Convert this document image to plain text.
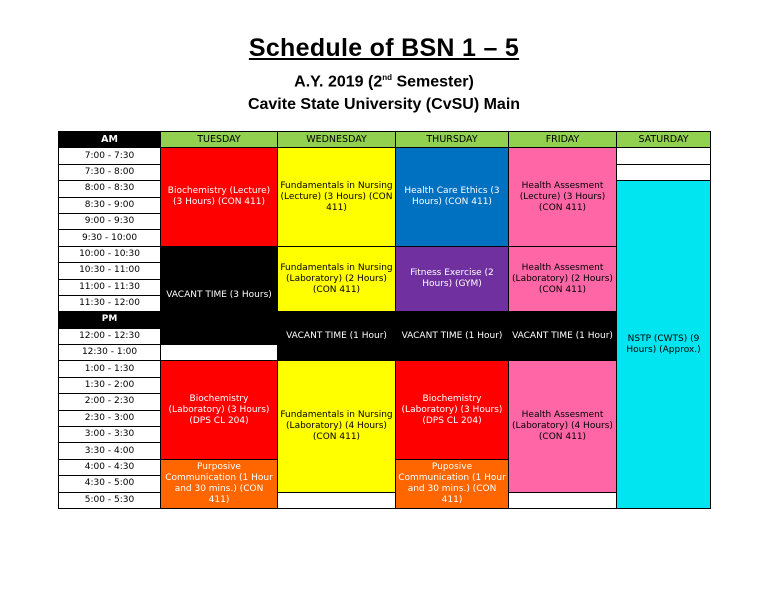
Schedule of BSN 1 – 5
A.Y. 2019 (2nd Semester)
Cavite State University (CvSU) Main
AM	TUESDAY	WEDNESDAY	THURSDAY	FRIDAY	SATURDAY	
7:00 - 7:30	Biochemistry (Lecture) (3 Hours) (CON 411)	Fundamentals in Nursing (Lecture) (3 Hours) (CON 411)	Health Care Ethics (3 Hours) (CON 411)	Health Assesment (Lecture) (3 Hours) (CON 411)		
7:30 - 8:00						
8:00 - 8:30					NSTP (CWTS) (9 Hours) (Approx.)	
8:30 - 9:00						
9:00 - 9:30						
9:30 - 10:00						
10:00 - 10:30	VACANT TIME (3 Hours)	Fundamentals in Nursing (Laboratory) (2 Hours) (CON 411)	Fitness Exercise (2 Hours) (GYM)	Health Assesment (Laboratory) (2 Hours) (CON 411)		
10:30 - 11:00						
11:00 - 11:30						
11:30 - 12:00						
PM		VACANT TIME (1 Hour)	VACANT TIME (1 Hour)	VACANT TIME (1 Hour)		
12:00 - 12:30						
12:30 - 1:00						
1:00 - 1:30	Biochemistry (Laboratory) (3 Hours) (DPS CL 204)	Fundamentals in Nursing (Laboratory) (4 Hours) (CON 411)	Biochemistry (Laboratory) (3 Hours) (DPS CL 204)	Health Assesment (Laboratory) (4 Hours) (CON 411)		
1:30 - 2:00						
2:00 - 2:30						
2:30 - 3:00						
3:00 - 3:30						
3:30 - 4:00						
4:00 - 4:30	Purposive Communication (1 Hour and 30 mins.) (CON 411)		Puposive Communication (1 Hour and 30 mins.) (CON 411)			
4:30 - 5:00						
5:00 - 5:30						
